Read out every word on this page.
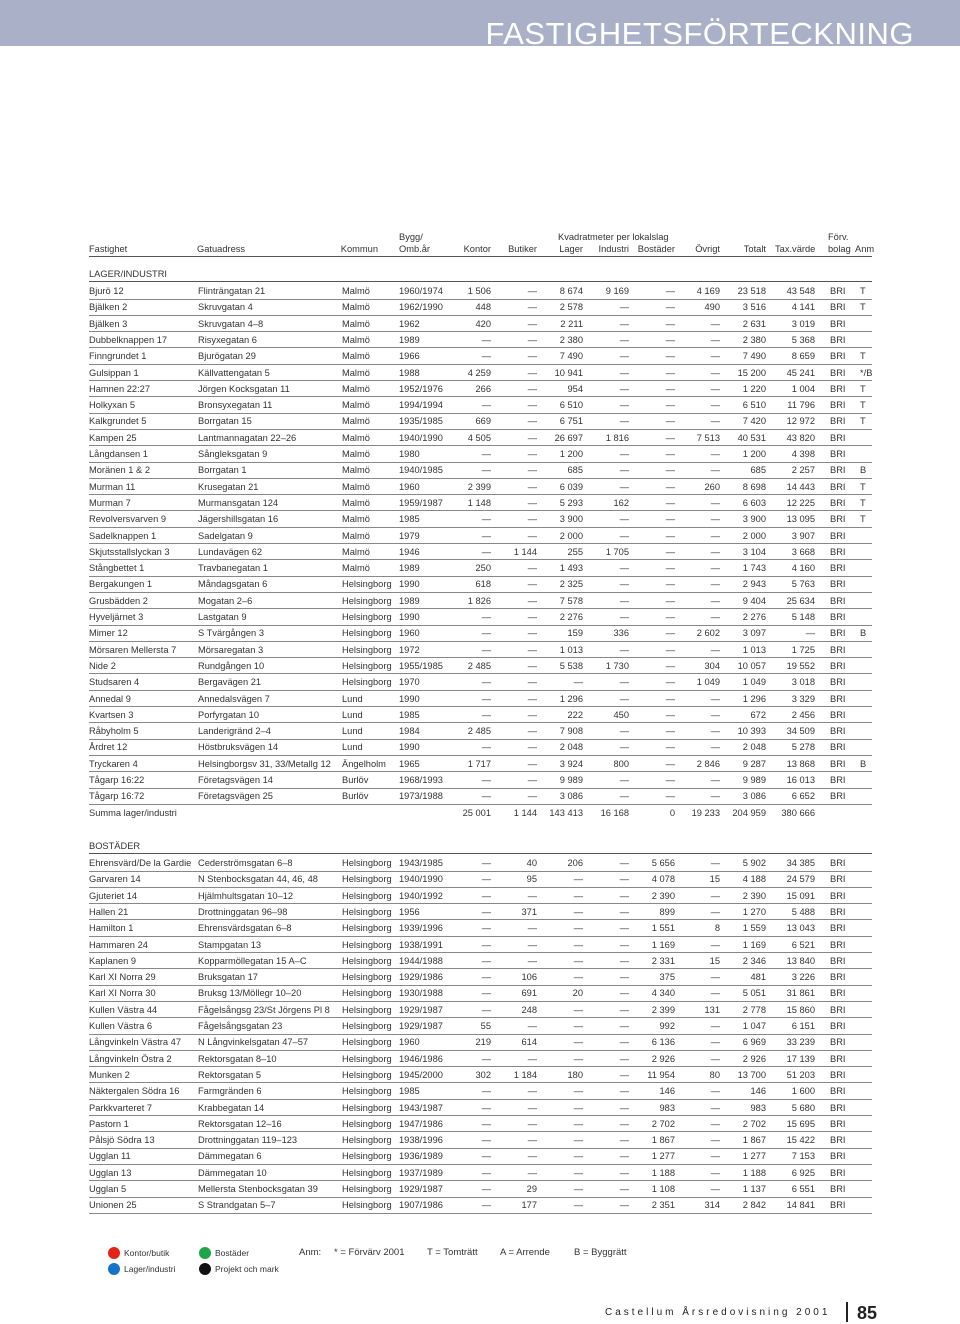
FASTIGHETSFÖRTECKNING
Bygg/	Kvadratmeter per lokalslag	Förv.
Fastighet	Gatuadress	Kommun Omb.år	Kontor	Butiker	Lager	Industri Bostäder	Övrigt	Totalt Tax.värde bolag Anm
LAGER/INDUSTRI
Bjurö 12	Flinträngatan 21	Malmö	1960/1974	1 506	—	8 674	9 169	—	4 169	23 518	43 548 BRI T
Bjälken 2	Skruvgatan 4	Malmö	1962/1990	448	—	2 578	—	—	490	3 516	4 141 BRI T
Bjälken 3	Skruvgatan 4–8	Malmö	1962	420	—	2 211	—	—	—	2 631	3 019 BRI
Dubbelknappen 17	Risyxegatan 6	Malmö	1989	—	—	2 380	—	—	—	2 380	5 368 BRI
Finngrundet 1	Bjurögatan 29	Malmö	1966	—	—	7 490	—	—	—	7 490	8 659 BRI T
Gulsippan 1	Källvattengatan 5	Malmö	1988	4 259	—	10 941	—	—	—	15 200	45 241 BRI */B
Hamnen 22:27	Jörgen Kocksgatan 11	Malmö	1952/1976	266	—	954	—	—	—	1 220	1 004 BRI T
Holkyxan 5	Bronsyxegatan 11	Malmö	1994/1994	—	—	6 510	—	—	—	6 510	11 796 BRI T
Kalkgrundet 5	Borrgatan 15	Malmö	1935/1985	669	—	6 751	—	—	—	7 420	12 972 BRI T
Kampen 25	Lantmannagatan 22–26	Malmö	1940/1990	4 505	—	26 697	1 816	—	7 513	40 531	43 820 BRI
Långdansen 1	Sångleksgatan 9	Malmö	1980	—	—	1 200	—	—	—	1 200	4 398 BRI
Moränen 1 & 2	Borrgatan 1	Malmö	1940/1985	—	—	685	—	—	—	685	2 257 BRI B
Murman 11	Krusegatan 21	Malmö	1960	2 399	—	6 039	—	—	260	8 698	14 443 BRI T
Murman 7	Murmansgatan 124	Malmö	1959/1987	1 148	—	5 293	162	—	—	6 603	12 225 BRI T
Revolversvarven 9	Jägershillsgatan 16	Malmö	1985	—	—	3 900	—	—	—	3 900	13 095 BRI T
Sadelknappen 1	Sadelgatan 9	Malmö	1979	—	—	2 000	—	—	—	2 000	3 907 BRI
Skjutsstallslyckan 3	Lundavägen 62	Malmö	1946	—	1 144	255	1 705	—	—	3 104	3 668 BRI
Stångbettet 1	Travbanegatan 1	Malmö	1989	250	—	1 493	—	—	—	1 743	4 160 BRI
Bergakungen 1	Måndagsgatan 6	Helsingborg 1990	618	—	2 325	—	—	—	2 943	5 763 BRI
Grusbädden 2	Mogatan 2–6	Helsingborg 1989	1 826	—	7 578	—	—	—	9 404	25 634 BRI
Hyveljärnet 3	Lastgatan 9	Helsingborg 1990	—	—	2 276	—	—	—	2 276	5 148 BRI
Mimer 12	S Tvärgången 3	Helsingborg 1960	—	—	159	336	—	2 602	3 097	— BRI B
Mörsaren Mellersta 7 Mörsaregatan 3	Helsingborg 1972	—	—	1 013	—	—	—	1 013	1 725 BRI
Nide 2	Rundgången 10	Helsingborg 1955/1985	2 485	—	5 538	1 730	—	304	10 057	19 552 BRI
Studsaren 4	Bergavägen 21	Helsingborg 1970	—	—	—	—	—	1 049	1 049	3 018 BRI
Annedal 9	Annedalsvägen 7	Lund	1990	—	—	1 296	—	—	—	1 296	3 329 BRI
Kvartsen 3	Porfyrgatan 10	Lund	1985	—	—	222	450	—	—	672	2 456 BRI
Råbyholm 5	Landerigränd 2–4	Lund	1984	2 485	—	7 908	—	—	—	10 393	34 509 BRI
Årdret 12	Höstbruksvägen 14	Lund	1990	—	—	2 048	—	—	—	2 048	5 278 BRI
Tryckaren 4	Helsingborgsv 31, 33/Metallg 12 Ängelholm 1965	1 717	—	3 924	800	—	2 846	9 287	13 868 BRI B
Tågarp 16:22	Företagsvägen 14	Burlöv	1968/1993	—	—	9 989	—	—	—	9 989	16 013 BRI
Tågarp 16:72	Företagsvägen 25	Burlöv	1973/1988	—	—	3 086	—	—	—	3 086	6 652 BRI
Summa lager/industri	25 001	1 144	143 413	16 168	0	19 233	204 959	380 666
BOSTÄDER
Ehrensvärd/De la Gardie Cederströmsgatan 6–8	Helsingborg 1943/1985	—	40	206	—	5 656	—	5 902	34 385 BRI
Garvaren 14	N Stenbocksgatan 44, 46, 48	Helsingborg 1940/1990	—	95	—	—	4 078	15	4 188	24 579 BRI
Gjuteriet 14	Hjälmhultsgatan 10–12	Helsingborg 1940/1992	—	—	—	—	2 390	—	2 390	15 091 BRI
Hallen 21	Drottninggatan 96–98	Helsingborg 1956	—	371	—	—	899	—	1 270	5 488 BRI
Hamilton 1	Ehrensvärdsgatan 6–8	Helsingborg 1939/1996	—	—	—	—	1 551	8	1 559	13 043 BRI
Hammaren 24	Stampgatan 13	Helsingborg 1938/1991	—	—	—	—	1 169	—	1 169	6 521 BRI
Kaplanen 9	Kopparmöllegatan 15 A–C	Helsingborg 1944/1988	—	—	—	—	2 331	15	2 346	13 840 BRI
Karl XI Norra 29	Bruksgatan 17	Helsingborg 1929/1986	—	106	—	—	375	—	481	3 226 BRI
Karl XI Norra 30	Bruksg 13/Möllegr 10–20	Helsingborg 1930/1988	—	691	20	—	4 340	—	5 051	31 861 BRI
Kullen Västra 44	Fågelsångsg 23/St Jörgens Pl 8 Helsingborg 1929/1987	—	248	—	—	2 399	131	2 778	15 860 BRI
Kullen Västra 6	Fågelsångsgatan 23	Helsingborg 1929/1987	55	—	—	—	992	—	1 047	6 151 BRI
Långvinkeln Västra 47 N Långvinkelsgatan 47–57	Helsingborg 1960	219	614	—	—	6 136	—	6 969	33 239 BRI
Långvinkeln Östra 2	Rektorsgatan 8–10	Helsingborg 1946/1986	—	—	—	—	2 926	—	2 926	17 139 BRI
Munken 2	Rektorsgatan 5	Helsingborg 1945/2000	302	1 184	180	—	11 954	80	13 700	51 203 BRI
Näktergalen Södra 16 Farmgränden 6	Helsingborg 1985	—	—	—	—	146	—	146	1 600 BRI
Parkkvarteret 7	Krabbegatan 14	Helsingborg 1943/1987	—	—	—	—	983	—	983	5 680 BRI
Pastorn 1	Rektorsgatan 12–16	Helsingborg 1947/1986	—	—	—	—	2 702	—	2 702	15 695 BRI
Pålsjö Södra 13	Drottninggatan 119–123	Helsingborg 1938/1996	—	—	—	—	1 867	—	1 867	15 422 BRI
Ugglan 11	Dämmegatan 6	Helsingborg 1936/1989	—	—	—	—	1 277	—	1 277	7 153 BRI
Ugglan 13	Dämmegatan 10	Helsingborg 1937/1989	—	—	—	—	1 188	—	1 188	6 925 BRI
Ugglan 5	Mellersta Stenbocksgatan 39	Helsingborg 1929/1987	—	29	—	—	1 108	—	1 137	6 551 BRI
Unionen 25	S Strandgatan 5–7	Helsingborg 1907/1986	—	177	—	—	2 351	314	2 842	14 841 BRI
Kontor/butik
Lager/industri
Bostäder
Projekt och mark
Anm: * = Förvärv 2001 T = Tomträtt A = Arrende	B = Byggrätt
Castellum Årsredovisning 2001 85
